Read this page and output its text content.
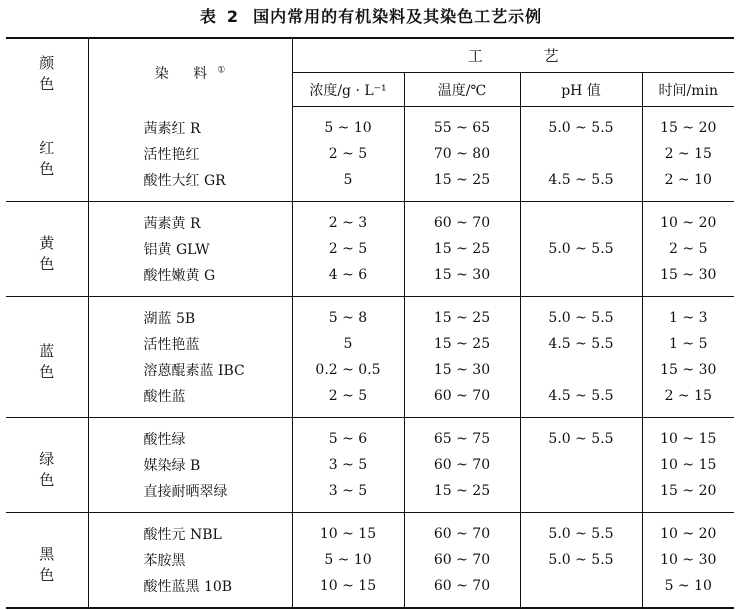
表 2 国内常用的有机染料及其染色工艺示例
颜 色	染 料①	工 艺			
		浓度/g · L⁻¹	温度/℃	pH 值	时间/min
红 色	茜素红 R	5 ~ 10	55 ~ 65	5.0 ~ 5.5	15 ~ 20
	活性艳红	2 ~ 5	70 ~ 80		2 ~ 15
	酸性大红 GR	5	15 ~ 25	4.5 ~ 5.5	2 ~ 10
黄 色	茜素黄 R	2 ~ 3	60 ~ 70		10 ~ 20
	铝黄 GLW	2 ~ 5	15 ~ 25	5.0 ~ 5.5	2 ~ 5
	酸性嫩黄 G	4 ~ 6	15 ~ 30		15 ~ 30
蓝 色	湖蓝 5B	5 ~ 8	15 ~ 25	5.0 ~ 5.5	1 ~ 3
	活性艳蓝	5	15 ~ 25	4.5 ~ 5.5	1 ~ 5
	溶蒽醌素蓝 IBC	0.2 ~ 0.5	15 ~ 30		15 ~ 30
	酸性蓝	2 ~ 5	60 ~ 70	4.5 ~ 5.5	2 ~ 15
绿 色	酸性绿	5 ~ 6	65 ~ 75	5.0 ~ 5.5	10 ~ 15
	媒染绿 B	3 ~ 5	60 ~ 70		10 ~ 15
	直接耐晒翠绿	3 ~ 5	15 ~ 25		15 ~ 20
黑 色	酸性元 NBL	10 ~ 15	60 ~ 70	5.0 ~ 5.5	10 ~ 20
	苯胺黑	5 ~ 10	60 ~ 70	5.0 ~ 5.5	10 ~ 30
	酸性蓝黑 10B	10 ~ 15	60 ~ 70		5 ~ 10
